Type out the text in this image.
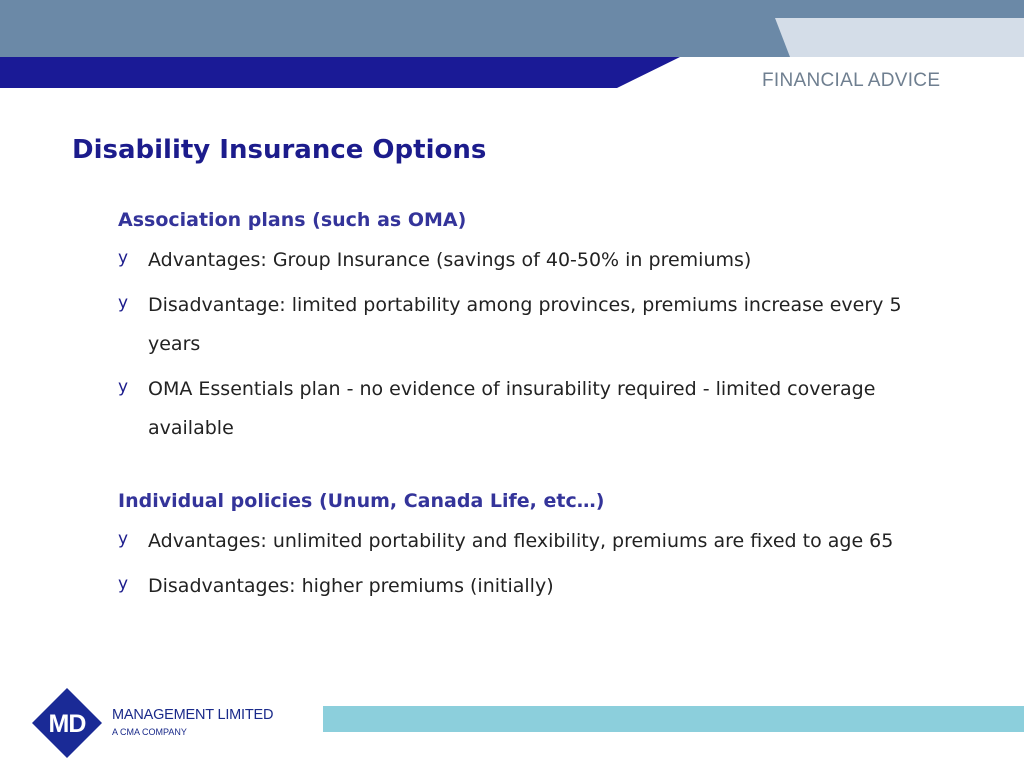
FINANCIAL ADVICE
Disability Insurance Options
Association plans (such as OMA)
y Advantages: Group Insurance (savings of 40-50% in premiums)
y Disadvantage: limited portability among provinces, premiums increase every 5 years
y OMA Essentials plan - no evidence of insurability required - limited coverage available
Individual policies (Unum, Canada Life, etc…)
y Advantages: unlimited portability and flexibility, premiums are fixed to age 65
y Disadvantages: higher premiums (initially)
MD MANAGEMENT LIMITED
A CMA COMPANY
